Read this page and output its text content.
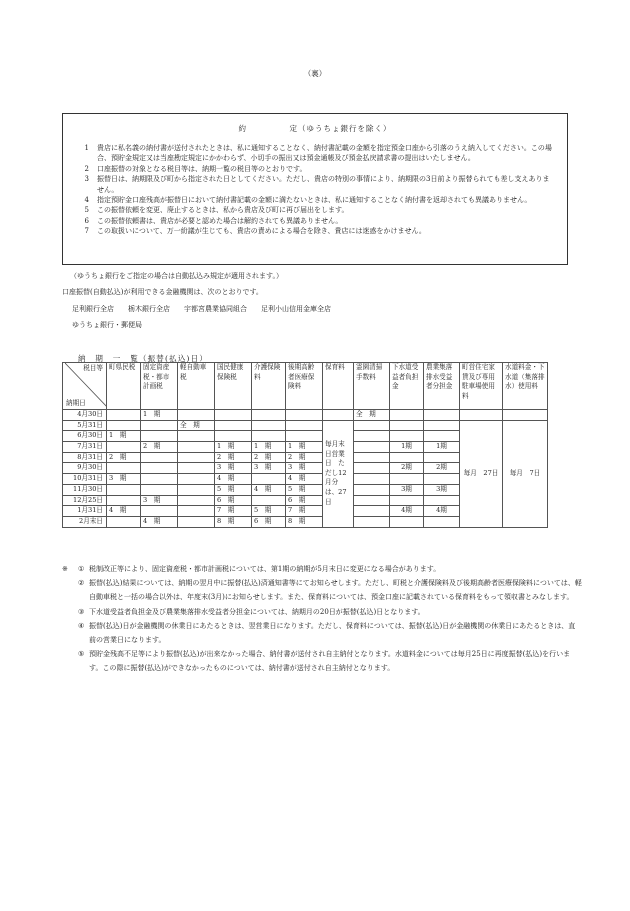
（裏）
約　　　　　定（ゆうちょ銀行を除く）
1	貴店に私名義の納付書が送付されたときは、私に通知することなく、納付書記載の金額を指定預金口座から引落のうえ納入してください。この場合、預貯金規定又は当座勘定規定にかかわらず、小切手の振出又は預金通帳及び預金払戻請求書の提出はいたしません。
2	口座振替の対象となる税目等は、納期一覧の税目等のとおりです。
3	振替日は、納期限及び町から指定された日としてください。ただし、貴店の特別の事情により、納期限の3日前より振替られても差し支えありません。
4	指定預貯金口座残高が振替日において納付書記載の金額に満たないときは、私に通知することなく納付書を返却されても異議ありません。
5	この振替依頼を変更、廃止するときは、私から貴店及び町に再び届出をします。
6	この振替依頼書は、貴店が必要と認めた場合は解約されても異議ありません。
7	この取扱いについて、万一紛議が生じても、貴店の責めによる場合を除き、貴店には迷惑をかけません。
（ゆうちょ銀行をご指定の場合は自動払込み規定が適用されます。）
口座振替(自動払込)が利用できる金融機関は、次のとおりです。
足利銀行全店 栃木銀行全店 宇都宮農業協同組合 足利小山信用金庫全店
ゆうちょ銀行・郵便局
納　期　一　覧（振替(払込)日）
税目等
納期日	町県民税	固定資産税・都市計画税	軽自動車税	国民健康保険税	介護保険料	後期高齢者医療保険料	保育料	霊園清掃手数料	下水道受益者負担金	農業集落排水受益者分担金	町営住宅家賃及び専用駐車場使用料	水道料金・下水道（集落排水）使用料
4月30日		1　期						全　期				
5月31日			全　期				毎月末日営業日　ただし12月分は、27日				毎月　27日	毎月　7日
6月30日	1　期											
7月31日		2　期		1　期	1　期	1　期			1期	1期		
8月31日	2　期			2　期	2　期	2　期						
9月30日				3　期	3　期	3　期			2期	2期		
10月31日	3　期			4　期		4　期						
11月30日				5　期	4　期	5　期			3期	3期		
12月25日		3　期		6　期		6　期						
1月31日	4　期			7　期	5　期	7　期			4期	4期		
2月末日		4　期		8　期	6　期	8　期						
※	① 税制改正等により、固定資産税・都市計画税については、第1期の納期が5月末日に変更になる場合があります。
② 振替(払込)結果については、納期の翌月中に振替(払込)済通知書等にてお知らせします。ただし、町税と介護保険料及び後期高齢者医療保険料については、軽自動車税と一括の場合以外は、年度末(3月)にお知らせします。また、保育料については、預金口座に記載されている保育料をもって領収書とみなします。
③ 下水道受益者負担金及び農業集落排水受益者分担金については、納期月の20日が振替(払込)日となります。
④ 振替(払込)日が金融機関の休業日にあたるときは、翌営業日になります。ただし、保育料については、振替(払込)日が金融機関の休業日にあたるときは、直前の営業日になります。
⑤ 預貯金残高不足等により振替(払込)が出来なかった場合、納付書が送付され自主納付となります。水道料金については毎月25日に再度振替(払込)を行います。この際に振替(払込)ができなかったものについては、納付書が送付され自主納付となります。
